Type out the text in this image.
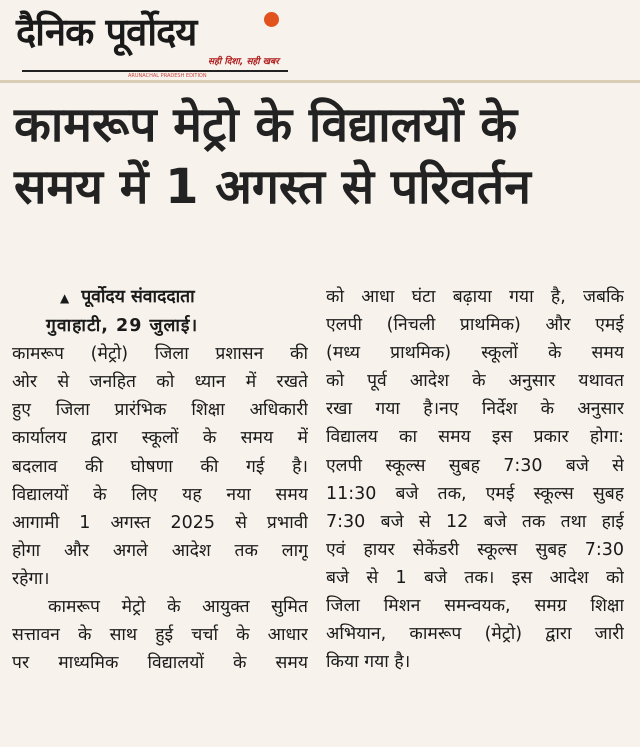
दैनिक पूर्वोदय
सही दिशा, सही खबर
ARUNACHAL PRADESH EDITION
कामरूप मेट्रो के विद्यालयों के
समय में 1 अगस्त से परिवर्तन
▲ पूर्वोदय संवाददाता
गुवाहाटी, 29 जुलाई।
कामरूप (मेट्रो) जिला प्रशासन की
ओर से जनहित को ध्यान में रखते
हुए जिला प्रारंभिक शिक्षा अधिकारी
कार्यालय द्वारा स्कूलों के समय में
बदलाव की घोषणा की गई है।
विद्यालयों के लिए यह नया समय
आगामी 1 अगस्त 2025 से प्रभावी
होगा और अगले आदेश तक लागू
रहेगा।
कामरूप मेट्रो के आयुक्त सुमित
सत्तावन के साथ हुई चर्चा के आधार
पर माध्यमिक विद्यालयों के समय
को आधा घंटा बढ़ाया गया है, जबकि
एलपी (निचली प्राथमिक) और एमई
(मध्य प्राथमिक) स्कूलों के समय
को पूर्व आदेश के अनुसार यथावत
रखा गया है।नए निर्देश के अनुसार
विद्यालय का समय इस प्रकार होगा:
एलपी स्कूल्स सुबह 7:30 बजे से
11:30 बजे तक, एमई स्कूल्स सुबह
7:30 बजे से 12 बजे तक तथा हाई
एवं हायर सेकेंडरी स्कूल्स सुबह 7:30
बजे से 1 बजे तक। इस आदेश को
जिला मिशन समन्वयक, समग्र शिक्षा
अभियान, कामरूप (मेट्रो) द्वारा जारी
किया गया है।
